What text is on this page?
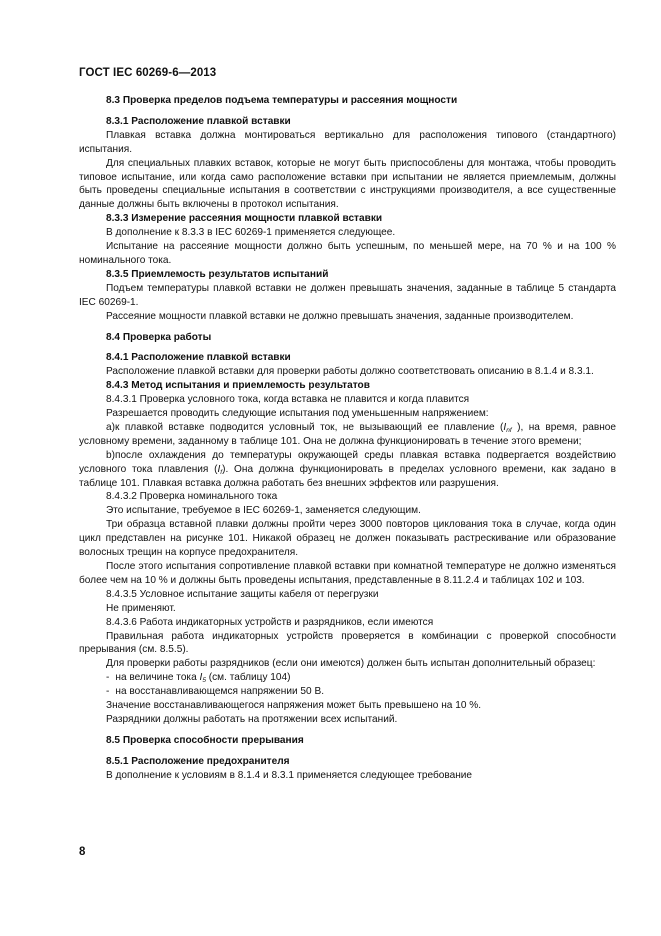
ГОСТ IEC 60269-6—2013

8.3 Проверка пределов подъема температуры и рассеяния мощности

8.3.1 Расположение плавкой вставки

Плавкая вставка должна монтироваться вертикально для расположения типового (стандартного) испытания.

Для специальных плавких вставок, которые не могут быть приспособлены для монтажа, чтобы проводить типовое испытание, или когда само расположение вставки при испытании не является приемлемым, должны быть проведены специальные испытания в соответствии с инструкциями производителя, а все существенные данные должны быть включены в протокол испытания.

8.3.3 Измерение рассеяния мощности плавкой вставки

В дополнение к 8.3.3 в IEC 60269-1 применяется следующее.

Испытание на рассеяние мощности должно быть успешным, по меньшей мере, на 70 % и на 100 % номинального тока.

8.3.5 Приемлемость результатов испытаний

Подъем температуры плавкой вставки не должен превышать значения, заданные в таблице 5 стандарта IEC 60269-1.

Рассеяние мощности плавкой вставки не должно превышать значения, заданные производителем.

8.4 Проверка работы

8.4.1 Расположение плавкой вставки

Расположение плавкой вставки для проверки работы должно соответствовать описанию в 8.1.4 и 8.3.1.

8.4.3 Метод испытания и приемлемость результатов

8.4.3.1 Проверка условного тока, когда вставка не плавится и когда плавится

Разрешается проводить следующие испытания под уменьшенным напряжением:

а)к плавкой вставке подводится условный ток, не вызывающий ее плавление ($I_{nf}$ ), на время, равное условному времени, заданному в таблице 101. Она не должна функционировать в течение этого времени;

b)после охлаждения до температуры окружающей среды плавкая вставка подвергается воздействию условного тока плавления $(I_f)$. Она должна функционировать в пределах условного времени, как задано в таблице 101. Плавкая вставка должна работать без внешних эффектов или разрушения.

8.4.3.2 Проверка номинального тока

Это испытание, требуемое в IEC 60269-1, заменяется следующим.

Три образца вставной плавки должны пройти через 3000 повторов циклования тока в случае, когда один цикл представлен на рисунке 101. Никакой образец не должен показывать растрескивание или образование волосных трещин на корпусе предохранителя.

После этого испытания сопротивление плавкой вставки при комнатной температуре не должно изменяться более чем на 10 % и должны быть проведены испытания, представленные в 8.11.2.4 и таблицах 102 и 103.

8.4.3.5 Условное испытание защиты кабеля от перегрузки

Не применяют.

8.4.3.6 Работа индикаторных устройств и разрядников, если имеются

Правильная работа индикаторных устройств проверяется в комбинации с проверкой способности прерывания (см. 8.5.5).

Для проверки работы разрядников (если они имеются) должен быть испытан дополнительный образец:

- на величине тока $I_5$ (см. таблицу 104)

- на восстанавливающемся напряжении 50 В.

Значение восстанавливающегося напряжения может быть превышено на 10 %.

Разрядники должны работать на протяжении всех испытаний.

8.5 Проверка способности прерывания

8.5.1 Расположение предохранителя

В дополнение к условиям в 8.1.4 и 8.3.1 применяется следующее требование

8
